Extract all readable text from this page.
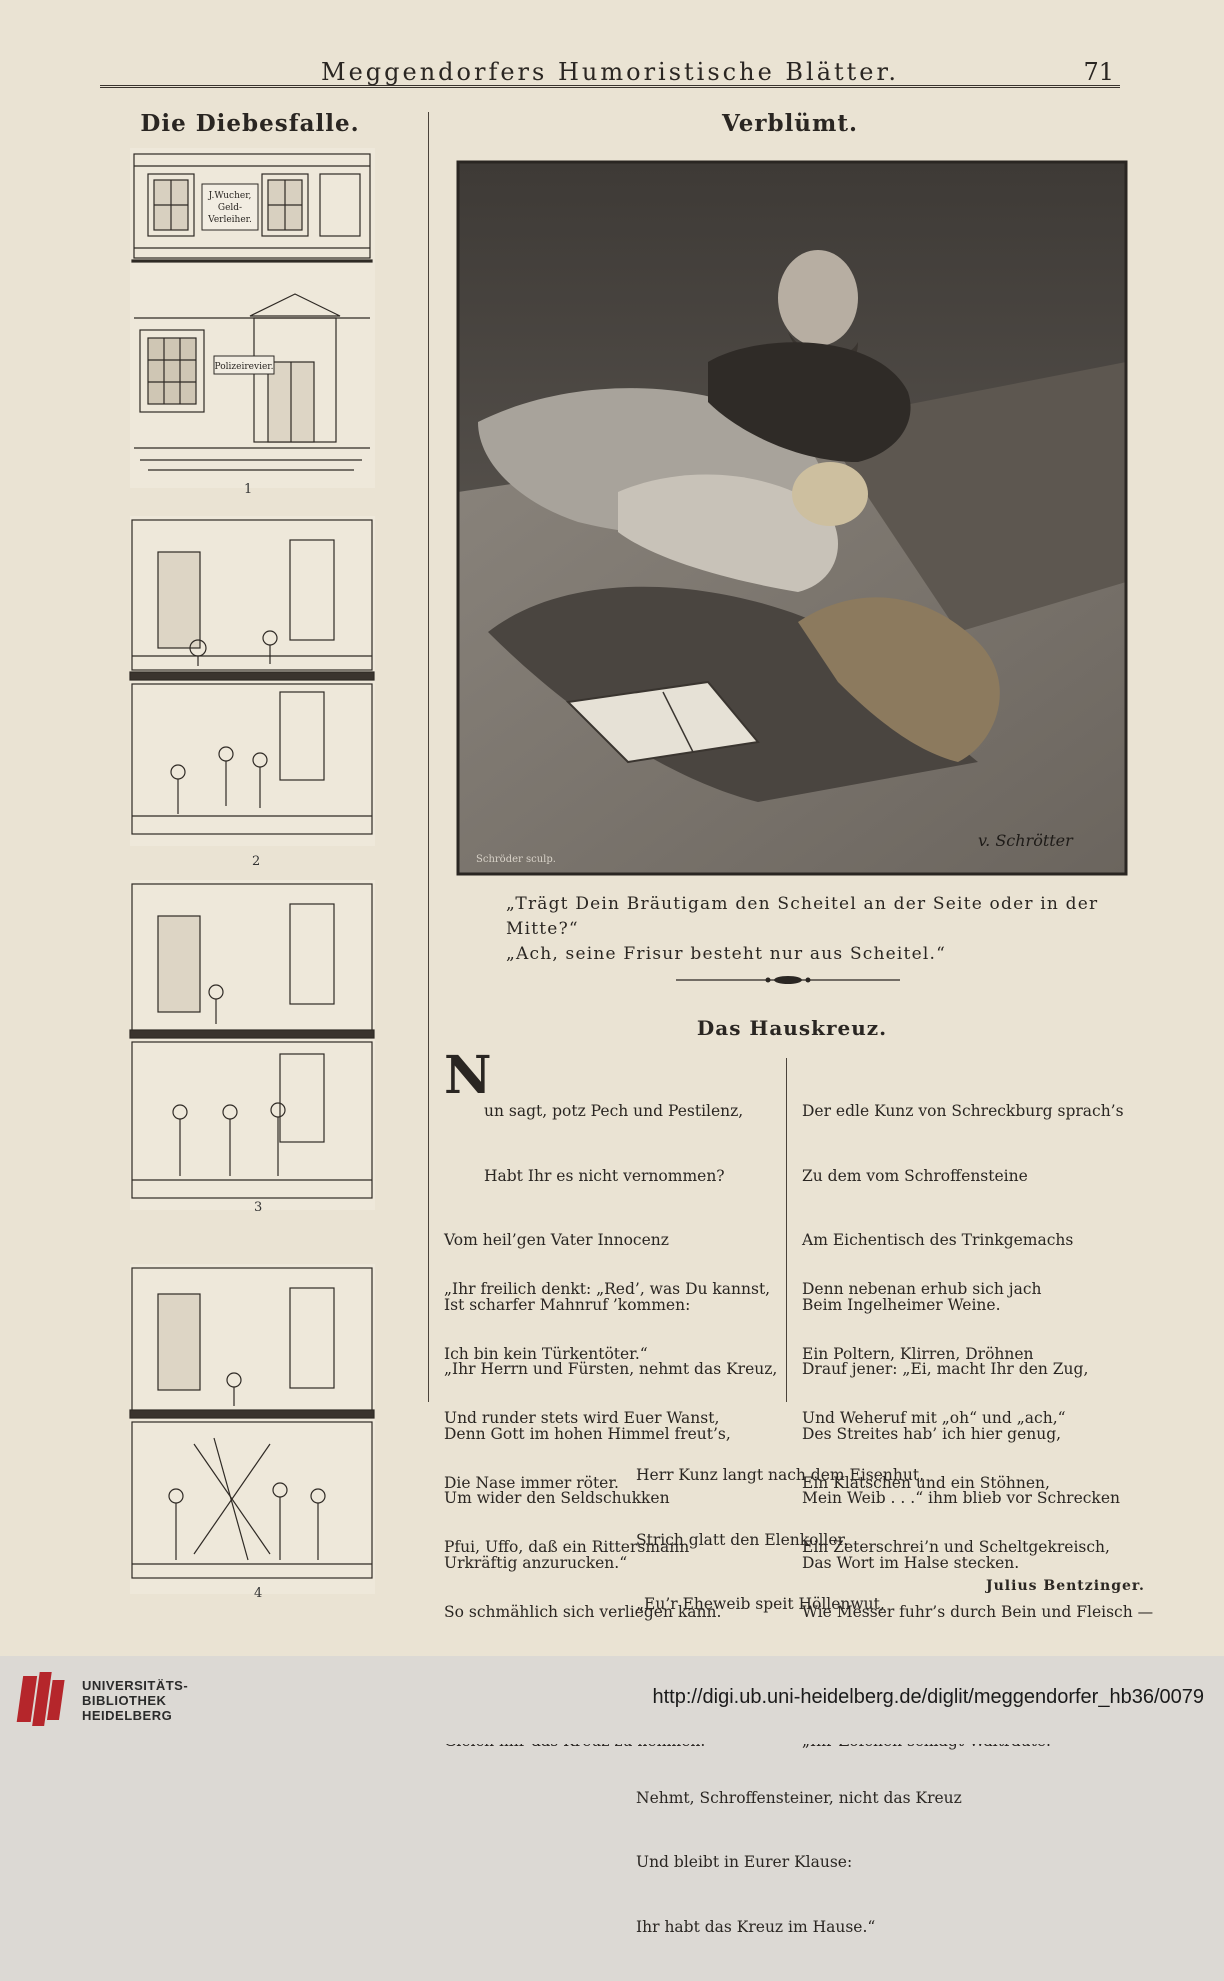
Meggendorfers Humoristische Blätter.	71
Die Diebesfalle.
J.Wucher,
Geld-
Verleiher.
Polizeirevier.
1
2
3
4
Verblümt.
Schröder sculp.
v. Schrötter
„Trägt Dein Bräutigam den Scheitel an der Seite oder in der Mitte?“
„Ach, seine Frisur besteht nur aus Scheitel.“
Das Hauskreuz.
N

un sagt, potz Pech und Pestilenz,

Habt Ihr es nicht vernommen?

Vom heil’gen Vater Innocenz

Ist scharfer Mahnruf ’kommen:

„Ihr Herrn und Fürsten, nehmt das Kreuz,

Denn Gott im hohen Himmel freut’s,

Um wider den Seldschukken

Urkräftig anzurucken.“

„Ihr freilich denkt: „Red’, was Du kannst,

Ich bin kein Türkentöter.“

Und runder stets wird Euer Wanst,

Die Nase immer röter.

Pfui, Uffo, daß ein Rittersmann

So schmählich sich verliegen kann.

Der edle Kunz von Schreckburg sprach’s

Zu dem vom Schroffensteine

Am Eichentisch des Trinkgemachs

Beim Ingelheimer Weine.

Drauf jener: „Ei, macht Ihr den Zug,

Des Streites hab’ ich hier genug,

Mein Weib . . .“ ihm blieb vor Schrecken

Das Wort im Halse stecken.

Denn nebenan erhub sich jach

Ein Poltern, Klirren, Dröhnen

Und Weheruf mit „oh“ und „ach,“

Ein Klatschen und ein Stöhnen,

Ein Zeterschrei’n und Scheltgekreisch,

Wie Messer fuhr’s durch Bein und Fleisch —

Herr Kunz langt nach dem Eisenhut,

Strich glatt den Elenkoller.

„Eu’r Eheweib speit Höllenwut,

Nehmt, Schroffensteiner, nicht das Kreuz

Und bleibt in Eurer Klause:

Ihr habt das Kreuz im Hause.“

Julius Bentzinger.
UNIVERSITÄTS-
BIBLIOTHEK
HEIDELBERG
http://digi.ub.uni-heidelberg.de/diglit/meggendorfer_hb36/0079
